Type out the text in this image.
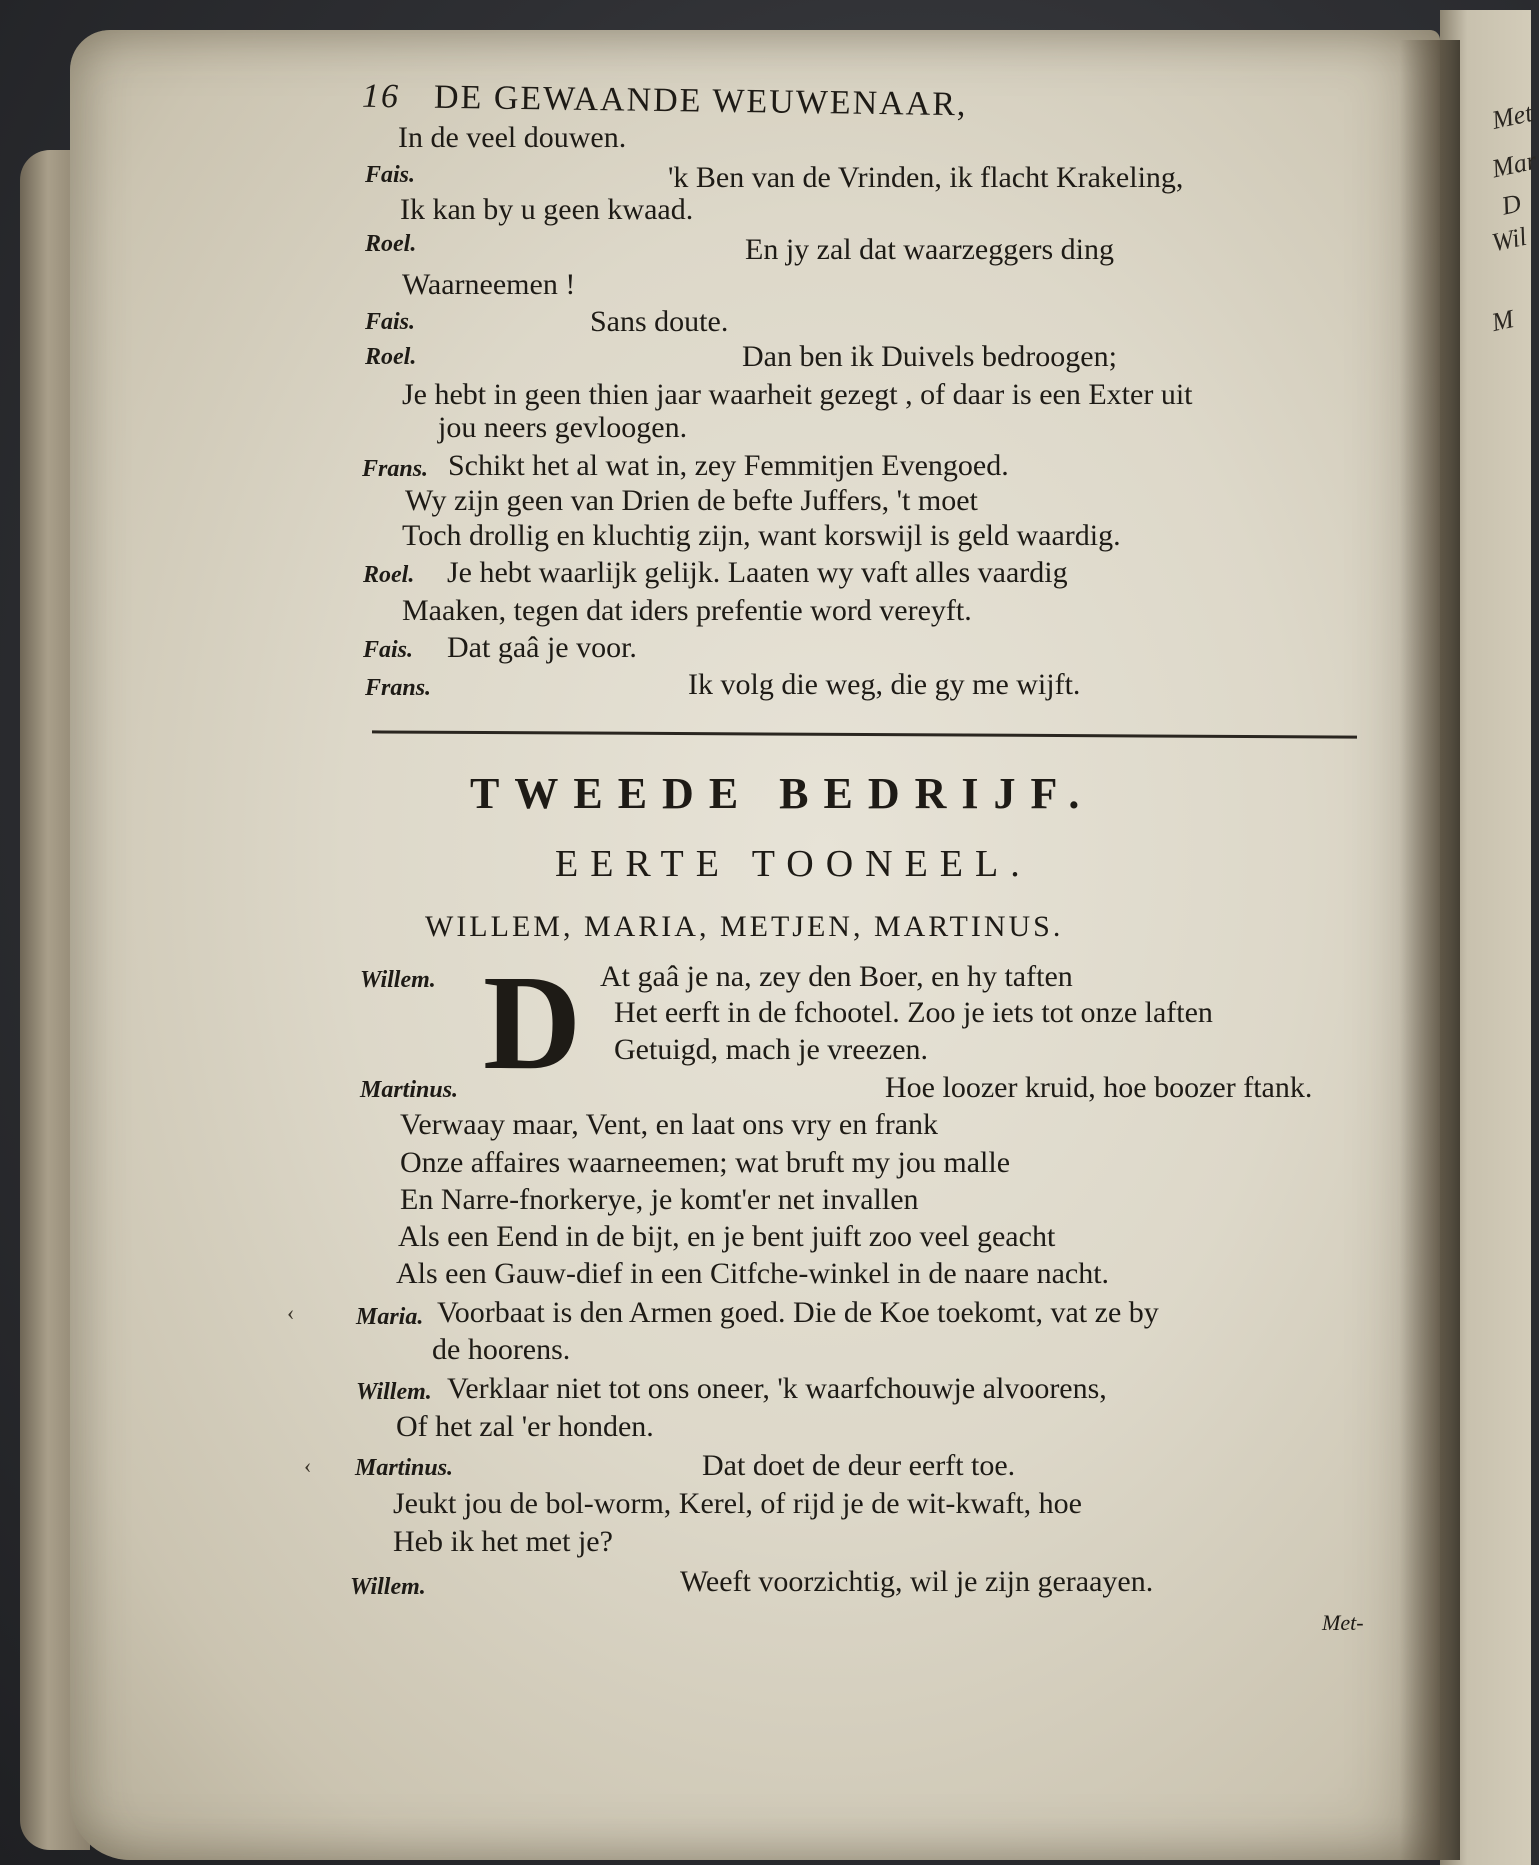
Met
Mar
D
Wil
M
16 DE GEWAANDE WEUWENAAR,
In de veel douwen.
Fais.	'k Ben van de Vrinden, ik flacht Krakeling,
Ik kan by u geen kwaad.
Roel.	En jy zal dat waarzeggers ding
Waarneemen !
Fais.	Sans doute.
Roel.	Dan ben ik Duivels bedroogen;
Je hebt in geen thien jaar waarheit gezegt , of daar is een Exter uit
jou neers gevloogen.
Frans. Schikt het al wat in, zey Femmitjen Evengoed.
Wy zijn geen van Drien de befte Juffers, 't moet
Toch drollig en kluchtig zijn, want korswijl is geld waardig.
Roel. Je hebt waarlijk gelijk. Laaten wy vaft alles vaardig
Maaken, tegen dat iders prefentie word vereyft.
Fais. Dat gaâ je voor.
Frans.	Ik volg die weg, die gy me wijft.
TWEEDE BEDRIJF.
EERTE TOONEEL.
WILLEM, MARIA, METJEN, MARTINUS.
D
Willem.	At gaâ je na, zey den Boer, en hy taften
Het eerft in de fchootel. Zoo je iets tot onze laften
Getuigd, mach je vreezen.
Martinus.	Hoe loozer kruid, hoe boozer ftank.
Verwaay maar, Vent, en laat ons vry en frank
Onze affaires waarneemen; wat bruft my jou malle
En Narre-fnorkerye, je komt'er net invallen
Als een Eend in de bijt, en je bent juift zoo veel geacht
Als een Gauw-dief in een Citfche-winkel in de naare nacht.
Maria. Voorbaat is den Armen goed. Die de Koe toekomt, vat ze by
de hoorens.
Willem. Verklaar niet tot ons oneer, 'k waarfchouwje alvoorens,
Of het zal 'er honden.
Martinus.	Dat doet de deur eerft toe.
Jeukt jou de bol-worm, Kerel, of rijd je de wit-kwaft, hoe
Heb ik het met je?
Willem.	Weeft voorzichtig, wil je zijn geraayen.
Met-
‹
‹
